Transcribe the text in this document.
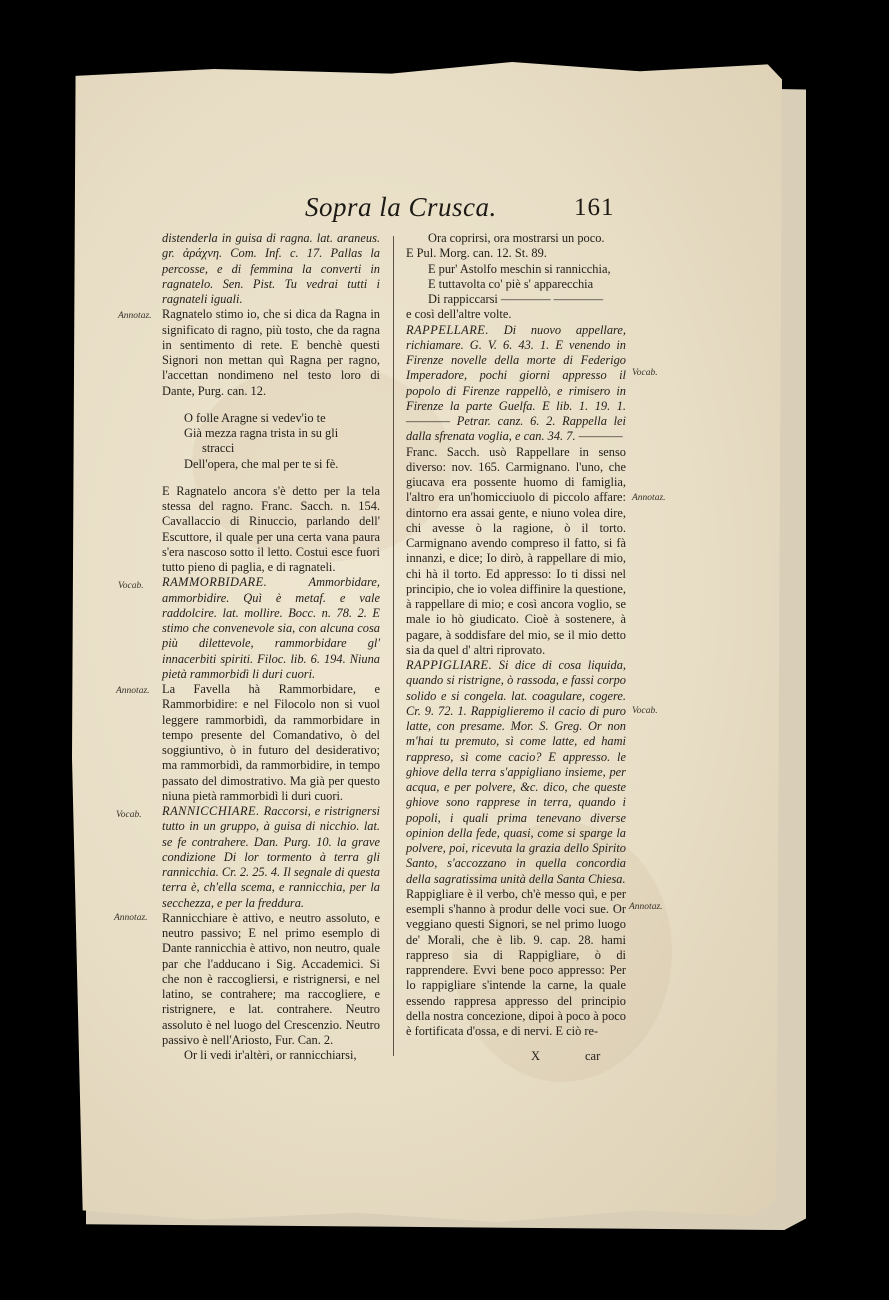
Sopra la Crusca.	161

distenderla in guisa di ragna. lat. araneus. gr. ἀράχνη. Com. Inf. c. 17. Pallas la percosse, e di femmina la converti in ragnatelo. Sen. Pist. Tu vedrai tutti i ragnateli iguali.

Ragnatelo stimo io, che si dica da Ragna in significato di ragno, più tosto, che da ragna in sentimento di rete. E benchè questi Signori non mettan quì Ragna per ragno, l'accettan nondimeno nel testo loro di Dante, Purg. can. 12.

O folle Aragne si vedev'io te

Già mezza ragna trista in su gli

stracci

Dell'opera, che mal per te si fè.

E Ragnatelo ancora s'è detto per la tela stessa del ragno. Franc. Sacch. n. 154. Cavallaccio di Rinuccio, parlando dell' Escuttore, il quale per una certa vana paura s'era nascoso sotto il letto. Costui esce fuori tutto pieno di paglia, e di ragnateli.

RAMMORBIDARE.	Ammorbidare, ammorbidire. Quì è metaf. e vale raddolcire. lat. mollire. Bocc. n. 78. 2. E stimo che convenevole sia, con alcuna cosa più dilettevole, rammorbidare gl' innacerbiti spiriti. Filoc. lib. 6. 194. Niuna pietà rammorbidì li duri cuori.

La Favella hà Rammorbidare, e Rammorbidire: e nel Filocolo non si vuol leggere rammorbidì, da rammorbidare in tempo presente del Comandativo, ò del soggiuntivo, ò in futuro del desiderativo; ma rammorbidì, da rammorbidire, in tempo passato del dimostrativo. Ma già per questo niuna pietà rammorbidì li duri cuori.

RANNICCHIARE. Raccorsi, e ristrignersi tutto in un gruppo, à guisa di nicchio. lat. se fe contrahere. Dan. Purg. 10. la grave condizione Di lor tormento à terra gli rannicchia. Cr. 2. 25. 4. Il segnale di questa terra è, ch'ella scema, e rannicchia, per la secchezza, e per la freddura.

Rannicchiare è attivo, e neutro assoluto, e neutro passivo; E nel primo esemplo di Dante rannicchia è attivo, non neutro, quale par che l'adducano i Sig. Accademici. Si che non è raccogliersi, e ristrignersi, e nel latino, se contrahere; ma raccogliere, e ristrignere, e lat. contrahere. Neutro assoluto è nel luogo del Crescenzio. Neutro passivo è nell'Ariosto, Fur. Can. 2.

Or li vedi ir'altèri, or rannicchiarsi,

Ora coprirsi, ora mostrarsi un poco.

E Pul. Morg. can. 12. St. 89.

E pur' Astolfo meschin si rannicchia,

E tuttavolta co' piè s' apparecchia

Di rappiccarsi ———— ————

e così dell'altre volte.

RAPPELLARE. Di nuovo appellare, richiamare. G. V. 6. 43. 1. E venendo in Firenze novelle della morte di Federigo Imperadore, pochi giorni appresso il popolo di Firenze rappellò, e rimisero in Firenze la parte Guelfa. E lib. 1. 19. 1. ———— Petrar. canz. 6. 2. Rappella lei dalla sfrenata voglia, e can. 34. 7. ————

Franc. Sacch. usò Rappellare in senso diverso: nov. 165. Carmignano. l'uno, che giucava era possente huomo di famiglia, l'altro era un'homicciuolo di piccolo affare: dintorno era assai gente, e niuno volea dire, chi avesse ò la ragione, ò il torto. Carmignano avendo compreso il fatto, si fà innanzi, e dice; Io dirò, à rappellare di mio, chi hà il torto. Ed appresso: Io ti dissi nel principio, che io volea diffinire la questione, à rappellare di mio; e così ancora voglio, se male io hò giudicato. Cioè à sostenere, à pagare, à soddisfare del mio, se il mio detto sia da quel d' altri riprovato.

RAPPIGLIARE. Si dice di cosa liquida, quando si ristrigne, ò rassoda, e fassi corpo solido e si congela. lat. coagulare, cogere. Cr. 9. 72. 1. Rappiglieremo il cacio di puro latte, con presame. Mor. S. Greg. Or non m'hai tu premuto, sì come latte, ed hami rappreso, sì come cacio? E appresso. le ghiove della terra s'appigliano insieme, per acqua, e per polvere, &c. dico, che queste ghiove sono rapprese in terra, quando i popoli, i quali prima tenevano diverse opinion della fede, quasi, come si sparge la polvere, poi, ricevuta la grazia dello Spirito Santo, s'accozzano in quella concordia della sagratissima unità della Santa Chiesa.

Rappigliare è il verbo, ch'è messo quì, e per esempli s'hanno à produr delle voci sue. Or veggiano questi Signori, se nel primo luogo de' Morali, che è lib. 9. cap. 28. hami rappreso sia di Rappigliare, ò di rapprendere. Evvi bene poco appresso: Per lo rappigliare s'intende la carne, la quale essendo rappresa appresso del principio della nostra concezione, dipoi à poco à poco è fortificata d'ossa, e di nervi. E ciò re-

Annotaz.
Vocab.
Annotaz.
Vocab.
Annotaz.
Vocab.
Annotaz.
Vocab.
Annotaz.
X	car
